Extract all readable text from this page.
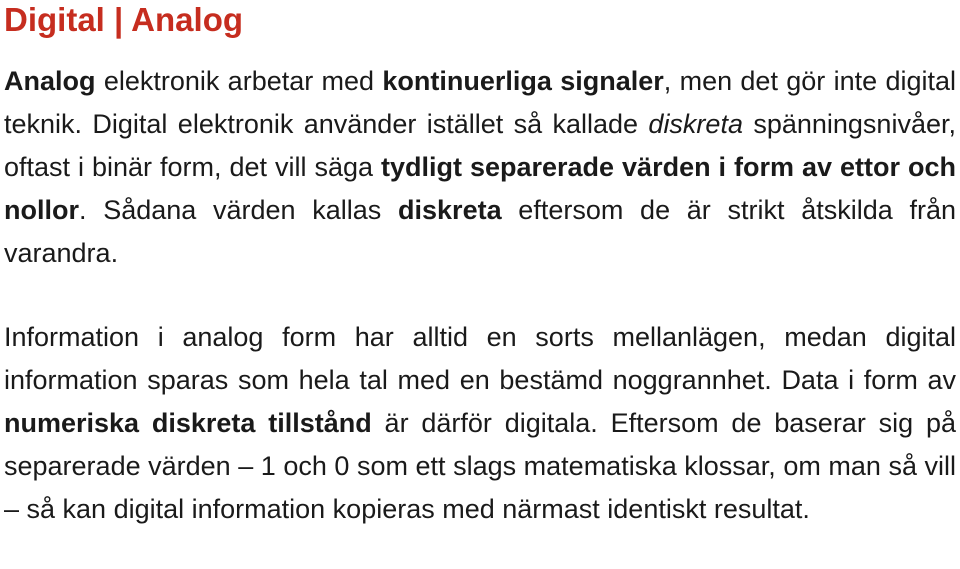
Digital | Analog

Analog elektronik arbetar med kontinuerliga signaler, men det gör inte digital teknik. Digital elektronik använder istället så kallade diskreta spänningsnivåer, oftast i binär form, det vill säga tydligt separerade värden i form av ettor och nollor. Sådana värden kallas diskreta eftersom de är strikt åtskilda från varandra.

Information i analog form har alltid en sorts mellanlägen, medan digital information sparas som hela tal med en bestämd noggrannhet. Data i form av numeriska diskreta tillstånd är därför digitala. Eftersom de baserar sig på separerade värden – 1 och 0 som ett slags matematiska klossar, om man så vill – så kan digital information kopieras med närmast identiskt resultat.
